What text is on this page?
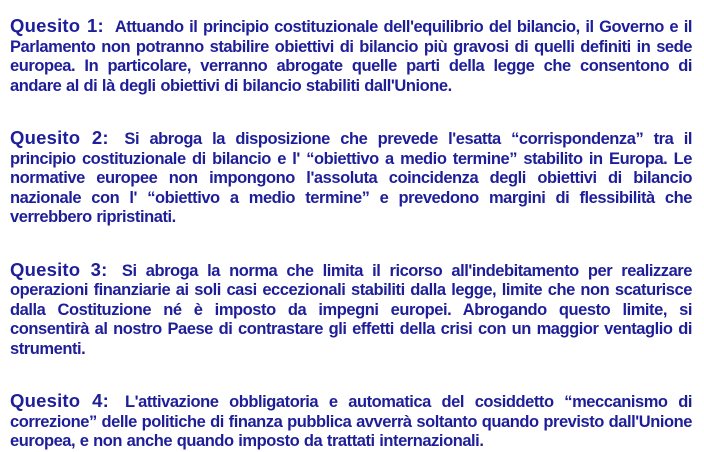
Quesito 1: Attuando il principio costituzionale dell'equilibrio del bilancio, il Governo e il Parlamento non potranno stabilire obiettivi di bilancio più gravosi di quelli definiti in sede europea. In particolare, verranno abrogate quelle parti della legge che consentono di andare al di là degli obiettivi di bilancio stabiliti dall'Unione.

Quesito 2: Si abroga la disposizione che prevede l'esatta “corrispondenza” tra il principio costituzionale di bilancio e l' “obiettivo a medio termine” stabilito in Europa. Le normative europee non impongono l'assoluta coincidenza degli obiettivi di bilancio nazionale con l' “obiettivo a medio termine” e prevedono margini di flessibilità che verrebbero ripristinati.

Quesito 3: Si abroga la norma che limita il ricorso all'indebitamento per realizzare operazioni finanziarie ai soli casi eccezionali stabiliti dalla legge, limite che non scaturisce dalla Costituzione né è imposto da impegni europei. Abrogando questo limite, si consentirà al nostro Paese di contrastare gli effetti della crisi con un maggior ventaglio di strumenti.

Quesito 4: L'attivazione obbligatoria e automatica del cosiddetto “meccanismo di correzione” delle politiche di finanza pubblica avverrà soltanto quando previsto dall'Unione europea, e non anche quando imposto da trattati internazionali.
